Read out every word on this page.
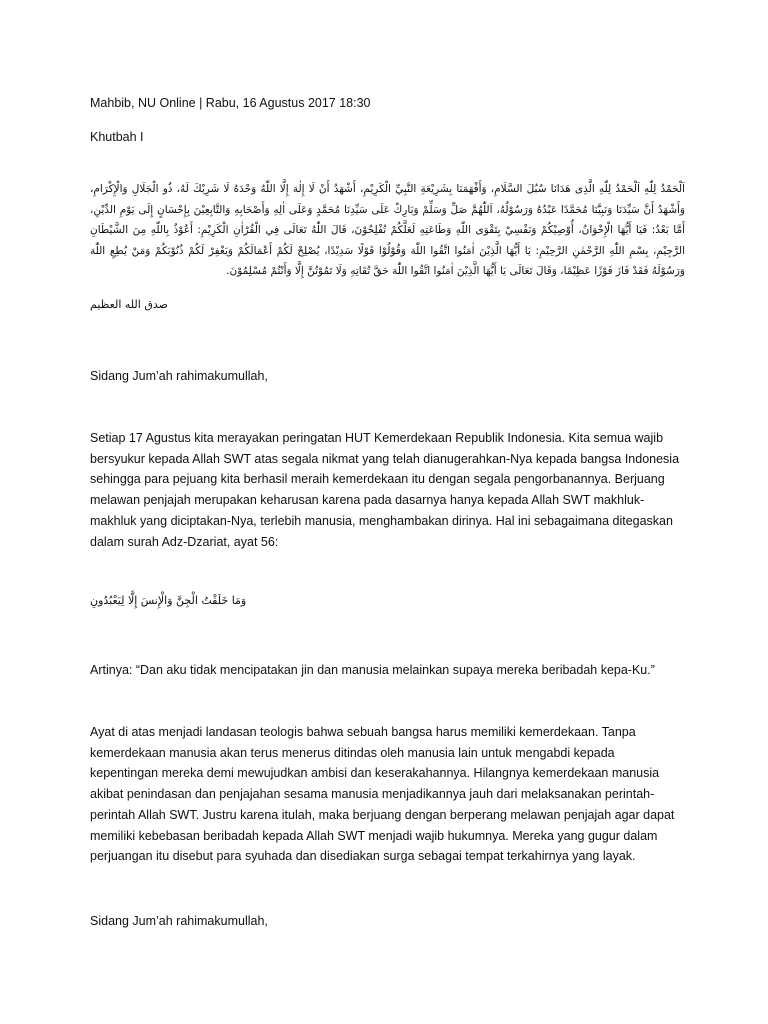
Mahbib, NU Online | Rabu, 16 Agustus 2017 18:30

Khutbah I

اَلْحَمْدُ لِلّٰهِ اَلْحَمْدُ لِلّٰهِ الَّذِى هَدَانَا سُبُلَ السَّلَامِ، وَأَفْهَمَنَا بِشَرِيْعَةِ النَّبِيِّ الْكَرِيْمِ، أَشْهَدُ أَنْ لَا إِلٰهَ إِلَّا اللّٰهُ وَحْدَهُ لَا شَرِيْكَ لَهُ، ذُو الْجَلَالِ وَالْإِكْرَامِ، وَأَشْهَدُ أَنَّ سَيِّدَنَا وَنَبِيَّنَا مُحَمَّدًا عَبْدُهُ وَرَسُوْلُهُ، اَللّٰهُمَّ صَلِّ وَسَلِّمْ وَبَارِكْ عَلَى سَيِّدِنَا مُحَمَّدٍ وَعَلَى اٰلِهِ وَأَصْحَابِهِ وَالتَّابِعِيْنَ بِإِحْسَانٍ إِلَى يَوْمِ الدِّيْنِ، أَمَّا بَعْدُ: فَيَا أَيُّهَا الْإِخْوَانُ، أُوْصِيْكُمْ وَنَفْسِيْ بِتَقْوَى اللّٰهِ وَطَاعَتِهِ لَعَلَّكُمْ تُفْلِحُوْنَ، قَالَ اللّٰهُ تَعَالَى فِي الْقُرْاٰنِ الْكَرِيْمِ: أَعُوْذُ بِاللّٰهِ مِنَ الشَّيْطَانِ الرَّجِيْمِ، بِسْمِ اللّٰهِ الرَّحْمٰنِ الرَّحِيْمِ: يَا أَيُّهَا الَّذِيْنَ اٰمَنُوا اتَّقُوا اللّٰهَ وَقُوْلُوْا قَوْلًا سَدِيْدًا، يُصْلِحْ لَكُمْ أَعْمَالَكُمْ وَيَغْفِرْ لَكُمْ ذُنُوْبَكُمْ وَمَنْ يُطِعِ اللّٰهَ وَرَسُوْلَهُ فَقَدْ فَازَ فَوْزًا عَظِيْمًا، وَقَالَ تَعَالَى يَا أَيُّهَا الَّذِيْنَ اٰمَنُوا اتَّقُوا اللّٰهَ حَقَّ تُقَاتِهِ وَلَا تَمُوْتُنَّ إِلَّا وَأَنْتُمْ مُسْلِمُوْنَ.

صدق الله العظيم

Sidang Jum’ah rahimakumullah,

Setiap 17 Agustus kita merayakan peringatan HUT Kemerdekaan Republik Indonesia. Kita semua wajib bersyukur kepada Allah SWT atas segala nikmat yang telah dianugerahkan-Nya kepada bangsa Indonesia sehingga para pejuang kita berhasil meraih kemerdekaan itu dengan segala pengorbanannya. Berjuang melawan penjajah merupakan keharusan karena pada dasarnya hanya kepada Allah SWT makhluk-makhluk yang diciptakan-Nya, terlebih manusia, menghambakan dirinya. Hal ini sebagaimana ditegaskan dalam surah Adz-Dzariat, ayat 56:

وَمَا خَلَقْتُ الْجِنَّ وَالْإِنسَ إِلَّا لِيَعْبُدُونِ

Artinya: “Dan aku tidak mencipatakan jin dan manusia melainkan supaya mereka beribadah kepa-Ku.”

Ayat di atas menjadi landasan teologis bahwa sebuah bangsa harus memiliki kemerdekaan. Tanpa kemerdekaan manusia akan terus menerus ditindas oleh manusia lain untuk mengabdi kepada kepentingan mereka demi mewujudkan ambisi dan keserakahannya. Hilangnya kemerdekaan manusia akibat penindasan dan penjajahan sesama manusia menjadikannya jauh dari melaksanakan perintah-perintah Allah SWT. Justru karena itulah, maka berjuang dengan berperang melawan penjajah agar dapat memiliki kebebasan beribadah kepada Allah SWT menjadi wajib hukumnya. Mereka yang gugur dalam perjuangan itu disebut para syuhada dan disediakan surga sebagai tempat terkahirnya yang layak.

Sidang Jum’ah rahimakumullah,
